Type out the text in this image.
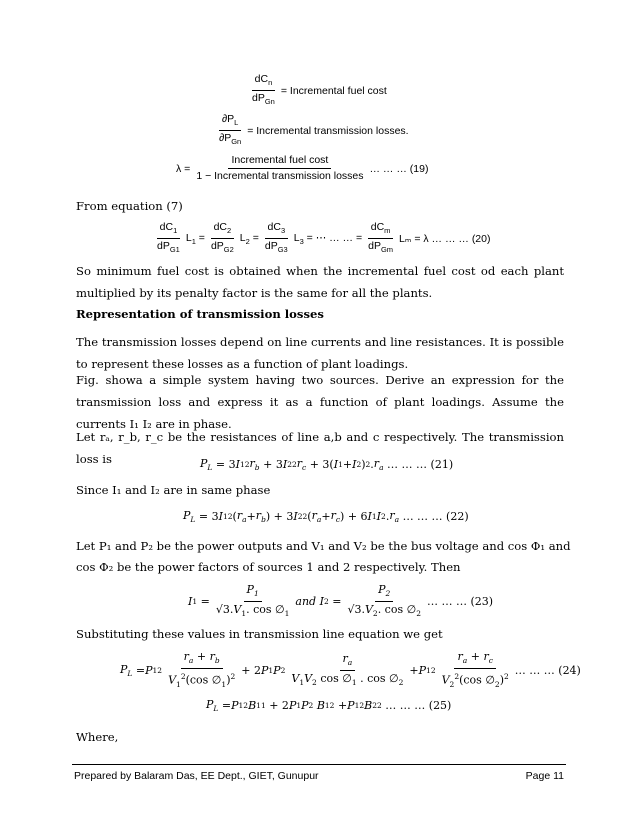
$\frac{dC_n}{dP_{Gn}}$ = Incremental fuel cost
$\frac{\partial P_L}{\partial P_{Gn}}$ = Incremental transmission losses.
$\lambda = \frac{\text{Incremental fuel cost}}{\text{1 − Incremental transmission losses}}$ … … … (19)
From equation (7)
$\frac{dC_1}{dP_{G1}} L_1 = \frac{dC_2}{dP_{G2}} L_2 = \frac{dC_3}{dP_{G3}} L_3$ = ⋯ … … = $\frac{dC_m}{dP_{Gm}}$ Lₘ = λ … … … (20)
So minimum fuel cost is obtained when the incremental fuel cost od each plant multiplied by its penalty factor is the same for all the plants.
Representation of transmission losses
The transmission losses depend on line currents and line resistances. It is possible to represent these losses as a function of plant loadings.
Fig. showa a simple system having two sources. Derive an expression for the transmission loss and express it as a function of plant loadings. Assume the currents I₁ I₂ are in phase.
Let rₐ, r_b, r_c be the resistances of line a,b and c respectively. The transmission loss is	$P_L = 3$ I 1 2 $r_b + 3$ I 2 2 $r_c + 3$( I 1 + I 2 ) 2 . $r_a$
… … … (21)
Since I₁ and I₂ are in same phase
$P_L = 3$ I 1 2 ( $r_a + r_b$ ) + 3 I 2 2 ( $r_a + r_c$ ) + 6 I 1 I 2 . $r_a$
… … … (22)
Let P₁ and P₂ be the power outputs and V₁ and V₂ be the bus voltage and cos Φ₁ and
cos Φ₂ be the power factors of sources 1 and 2 respectively. Then
I $1 = \frac{P_1}{√3.V_1. \cos \emptyset_1}$ and
I $2 = \frac{P_2}{√3.V_2. \cos \emptyset_2}$ … … … (23)
Substituting these values in transmission line equation we get
$P_L = P$ 1 $2 \frac{r_a + r_b}{V_1^2(\cos \emptyset_1)^2} + 2$ P 1 P $2 \frac{r_a}{V_1V_2 \cos \emptyset_1 . \cos \emptyset_2} + P$ 1 $2 \frac{r_a + r_c}{V_2^2(\cos \emptyset_2)^2}$ … … … (24)
$P_L = P$ 1 2 B 11 + 2 P 1 P 2
B 12 + P 1 2 B 22
… … … (25)
Where,
Prepared by Balaram Das, EE Dept., GIET, Gunupur	Page 11
